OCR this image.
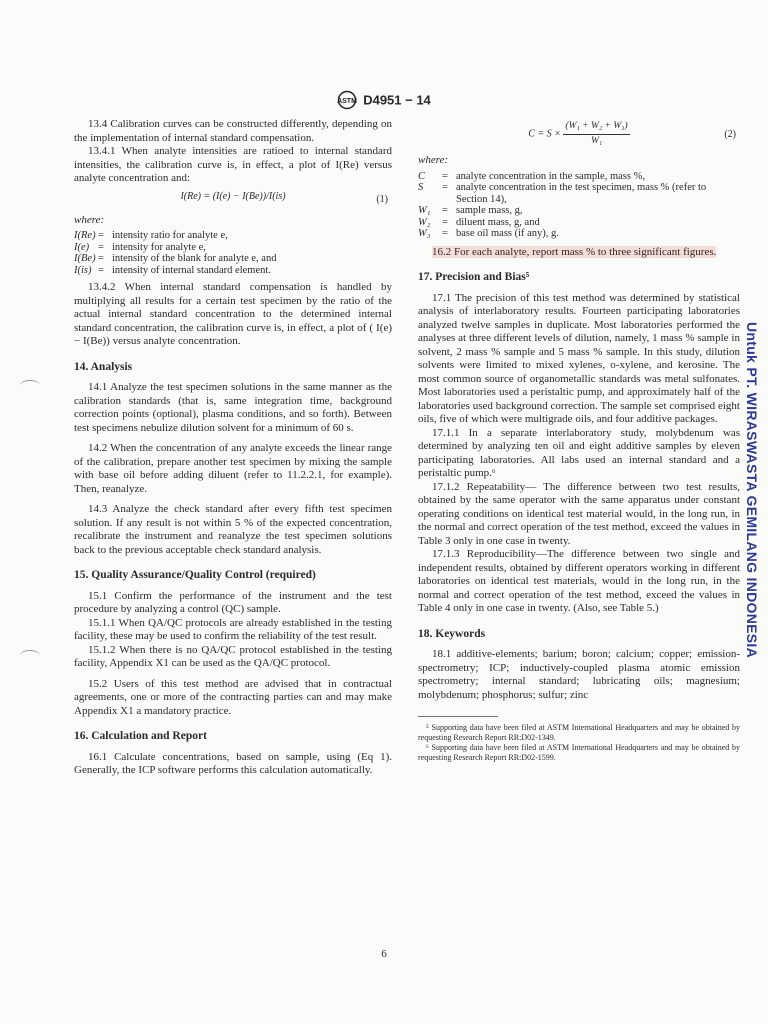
ASTM D4951 − 14

13.4 Calibration curves can be constructed differently, depending on the implementation of internal standard compensation.

13.4.1 When analyte intensities are ratioed to internal standard intensities, the calibration curve is, in effect, a plot of I(Re) versus analyte concentration and:

I(Re) = (I(e) − I(Be))/I(is)	(1)
where:
I(Re) = intensity ratio for analyte e,
I(e) = intensity for analyte e,
I(Be) = intensity of the blank for analyte e, and
I(is) = intensity of internal standard element.

13.4.2 When internal standard compensation is handled by multiplying all results for a certain test specimen by the ratio of the actual internal standard concentration to the determined internal standard concentration, the calibration curve is, in effect, a plot of ( I(e) − I(Be)) versus analyte concentration.

14. Analysis

14.1 Analyze the test specimen solutions in the same manner as the calibration standards (that is, same integration time, background correction points (optional), plasma conditions, and so forth). Between test specimens nebulize dilution solvent for a minimum of 60 s.

14.2 When the concentration of any analyte exceeds the linear range of the calibration, prepare another test specimen by mixing the sample with base oil before adding diluent (refer to 11.2.2.1, for example). Then, reanalyze.

14.3 Analyze the check standard after every fifth test specimen solution. If any result is not within 5 % of the expected concentration, recalibrate the instrument and reanalyze the test specimen solutions back to the previous acceptable check standard analysis.

15. Quality Assurance/Quality Control (required)

15.1 Confirm the performance of the instrument and the test procedure by analyzing a control (QC) sample.

15.1.1 When QA/QC protocols are already established in the testing facility, these may be used to confirm the reliability of the test result.

15.1.2 When there is no QA/QC protocol established in the testing facility, Appendix X1 can be used as the QA/QC protocol.

15.2 Users of this test method are advised that in contractual agreements, one or more of the contracting parties can and may make Appendix X1 a mandatory practice.

16. Calculation and Report

16.1 Calculate concentrations, based on sample, using (Eq 1). Generally, the ICP software performs this calculation automatically.

$C = S \times \frac{\text{(W₁ + W₂ + W₃)}}{\text{W₁}}$	(2)
where:
C	= analyte concentration in the sample, mass %,
S	= analyte concentration in the test specimen, mass % (refer to Section 14),
W₁	= sample mass, g,
W₂	= diluent mass, g, and
W₃	= base oil mass (if any), g.

16.2 For each analyte, report mass % to three significant figures.

17. Precision and Bias⁵

17.1 The precision of this test method was determined by statistical analysis of interlaboratory results. Fourteen participating laboratories analyzed twelve samples in duplicate. Most laboratories performed the analyses at three different levels of dilution, namely, 1 mass % sample in solvent, 2 mass % sample and 5 mass % sample. In this study, dilution solvents were limited to mixed xylenes, o-xylene, and kerosine. The most common source of organometallic standards was metal sulfonates. Most laboratories used a peristaltic pump, and approximately half of the laboratories used background correction. The sample set comprised eight oils, five of which were multigrade oils, and four additive packages.

17.1.1 In a separate interlaboratory study, molybdenum was determined by analyzing ten oil and eight additive samples by eleven participating laboratories. All labs used an internal standard and a peristaltic pump.⁶

17.1.2 Repeatability— The difference between two test results, obtained by the same operator with the same apparatus under constant operating conditions on identical test material would, in the long run, in the normal and correct operation of the test method, exceed the values in Table 3 only in one case in twenty.

17.1.3 Reproducibility—The difference between two single and independent results, obtained by different operators working in different laboratories on identical test materials, would in the long run, in the normal and correct operation of the test method, exceed the values in Table 4 only in one case in twenty. (Also, see Table 5.)

18. Keywords

18.1 additive-elements; barium; boron; calcium; copper; emission-spectrometry; ICP; inductively-coupled plasma atomic emission spectrometry; internal standard; lubricating oils; magnesium; molybdenum; phosphorus; sulfur; zinc

⁵ Supporting data have been filed at ASTM International Headquarters and may be obtained by requesting Research Report RR:D02-1349.

⁶ Supporting data have been filed at ASTM International Headquarters and may be obtained by requesting Research Report RR:D02-1599.

Untuk PT. WIRASWASTA GEMILANG INDONESIA
6
